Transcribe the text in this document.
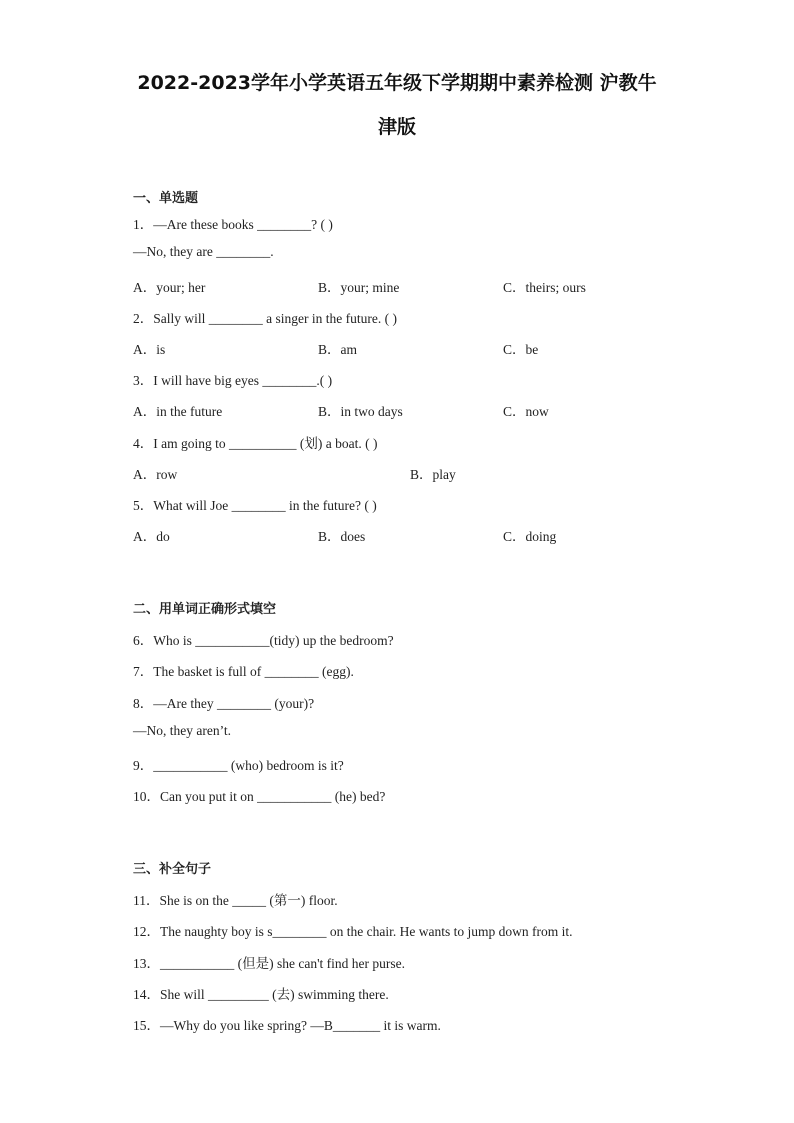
2022-2023学年小学英语五年级下学期期中素养检测 沪教牛
津版
一、单选题
1．—Are these books ________? ( )
—No, they are ________.
A．your; her	B．your; mine	C．theirs; ours
2．Sally will ________ a singer in the future. ( )
A．is	B．am	C．be
3．I will have big eyes ________.( )
A．in the future	B．in two days	C．now
4．I am going to __________ (划) a boat. ( )
A．row	B．play
5．What will Joe ________ in the future? ( )
A．do	B．does	C．doing
二、用单词正确形式填空
6．Who is ___________(tidy) up the bedroom?
7．The basket is full of ________ (egg).
8．—Are they ________ (your)?
—No, they aren’t.
9．___________ (who) bedroom is it?
10．Can you put it on ___________ (he) bed?
三、补全句子
11．She is on the _____ (第一) floor.
12．The naughty boy is s________ on the chair. He wants to jump down from it.
13．___________ (但是) she can't find her purse.
14．She will _________ (去) swimming there.
15．—Why do you like spring? —B_______ it is warm.
